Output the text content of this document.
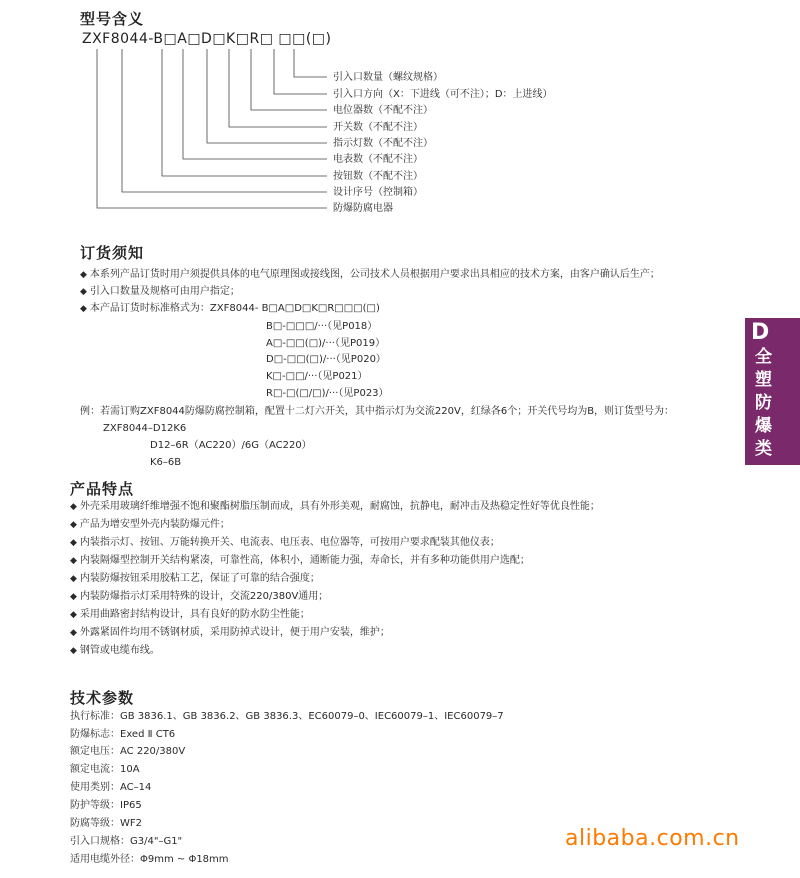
型号含义
ZXF8044-B□A□D□K□R□ □□(□)
引入口数量（螺纹规格）
引入口方向（X：下进线（可不注）；D：上进线）
电位器数（不配不注）
开关数（不配不注）
指示灯数（不配不注）
电表数（不配不注）
按钮数（不配不注）
设计序号（控制箱）
防爆防腐电器
订货须知
◆ 本系列产品订货时用户须提供具体的电气原理图或接线图，公司技术人员根据用户要求出具相应的技术方案，由客户确认后生产；
◆ 引入口数量及规格可由用户指定；
◆ 本产品订货时标准格式为：ZXF8044- B□A□D□K□R□□□(□)
B□-□□□/···（见P018）
A□-□□(□)/···（见P019）
D□-□□(□)/···（见P020）
K□-□□/···（见P021）
R□-□(□/□)/···（见P023）
例：若需订购ZXF8044防爆防腐控制箱，配置十二灯六开关，其中指示灯为交流220V，红绿各6个；开关代号均为B，则订货型号为：
ZXF8044–D12K6
D12–6R（AC220）/6G（AC220）
K6–6B
产品特点
◆ 外壳采用玻璃纤维增强不饱和聚酯树脂压制而成，具有外形美观，耐腐蚀，抗静电，耐冲击及热稳定性好等优良性能；
◆ 产品为增安型外壳内装防爆元件；
◆ 内装指示灯、按钮、万能转换开关、电流表、电压表、电位器等，可按用户要求配装其他仪表；
◆ 内装隔爆型控制开关结构紧凑，可靠性高，体积小，通断能力强，寿命长，并有多种功能供用户选配；
◆ 内装防爆按钮采用胶粘工艺，保证了可靠的结合强度；
◆ 内装防爆指示灯采用特殊的设计，交流220/380V通用；
◆ 采用曲路密封结构设计，具有良好的防水防尘性能；
◆ 外露紧固件均用不锈钢材质，采用防掉式设计，便于用户安装，维护；
◆ 钢管或电缆布线。
技术参数
执行标准：GB 3836.1、GB 3836.2、GB 3836.3、EC60079–0、IEC60079–1、IEC60079–7
防爆标志：Exed Ⅱ CT6
额定电压：AC 220/380V
额定电流：10A
使用类别：AC–14
防护等级：IP65
防腐等级：WF2
引入口规格：G3/4"–G1"
适用电缆外径：Φ9mm ~ Φ18mm
D
全塑防爆类
alibaba.com.cn
